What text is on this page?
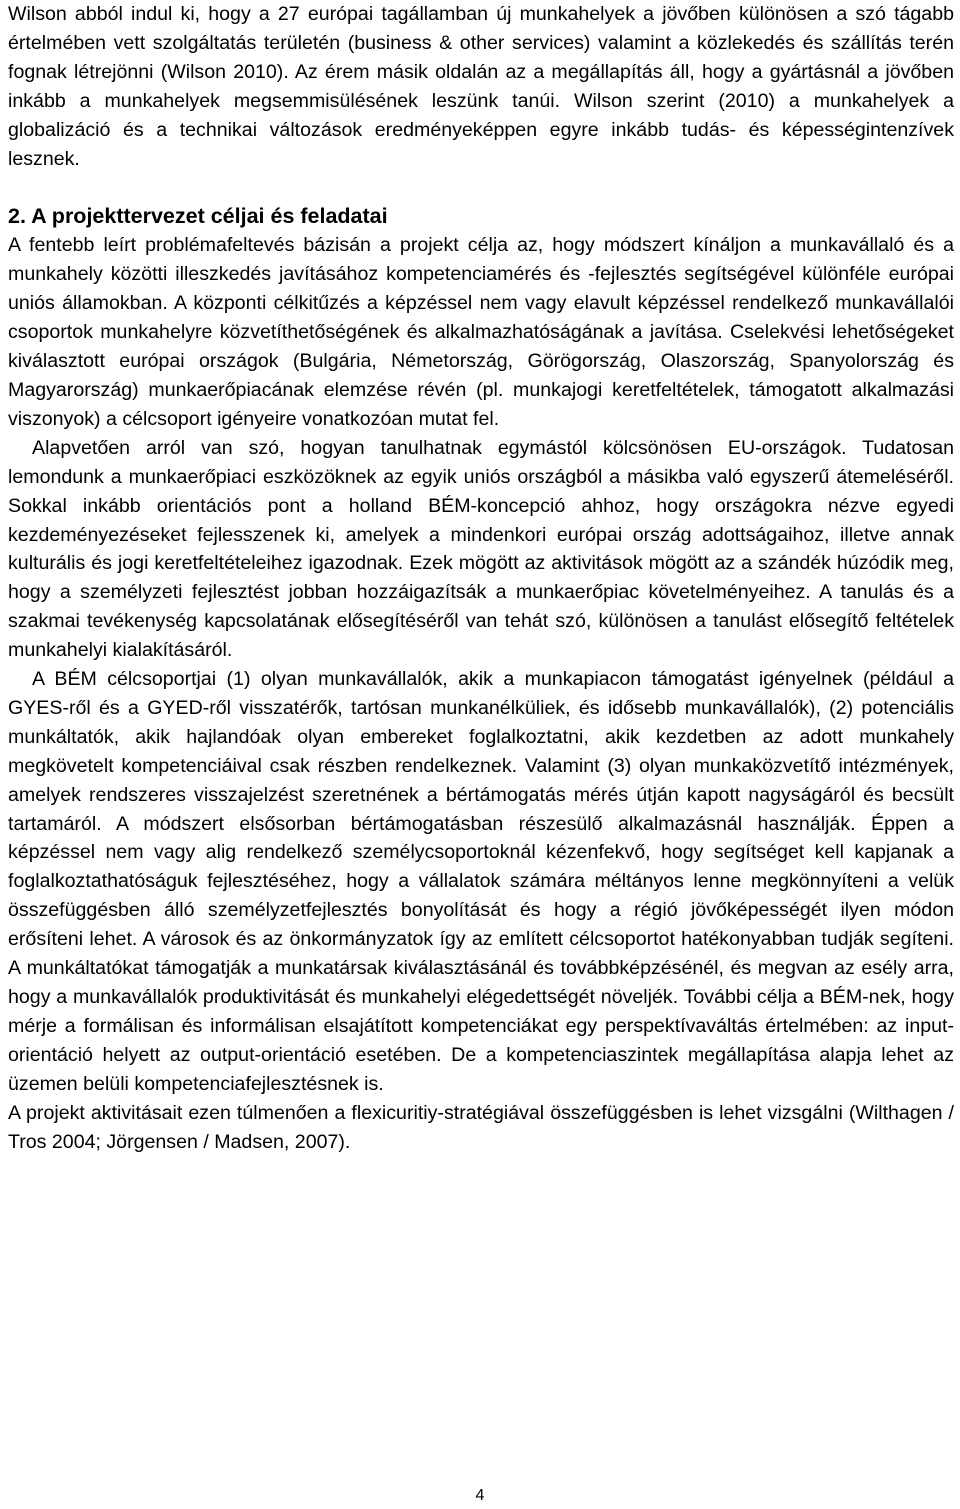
Wilson abból indul ki, hogy a 27 európai tagállamban új munkahelyek a jövőben különösen a szó tágabb értelmében vett szolgáltatás területén (business & other services) valamint a közlekedés és szállítás terén fognak létrejönni (Wilson 2010). Az érem másik oldalán az a megállapítás áll, hogy a gyártásnál a jövőben inkább a munkahelyek megsemmisülésének leszünk tanúi. Wilson szerint (2010) a munkahelyek a globalizáció és a technikai változások eredményeképpen egyre inkább tudás- és képességintenzívek lesznek.

2. A projekttervezet céljai és feladatai

A fentebb leírt problémafeltevés bázisán a projekt célja az, hogy módszert kínáljon a munkavállaló és a munkahely közötti illeszkedés javításához kompetenciamérés és -fejlesztés segítségével különféle európai uniós államokban. A központi célkitűzés a képzéssel nem vagy elavult képzéssel rendelkező munkavállalói csoportok munkahelyre közvetíthetőségének és alkalmazhatóságának a javítása. Cselekvési lehetőségeket kiválasztott európai országok (Bulgária, Németország, Görögország, Olaszország, Spanyolország és Magyarország) munkaerőpiacának elemzése révén (pl. munkajogi keretfeltételek, támogatott alkalmazási viszonyok) a célcsoport igényeire vonatkozóan mutat fel.

Alapvetően arról van szó, hogyan tanulhatnak egymástól kölcsönösen EU-országok. Tudatosan lemondunk a munkaerőpiaci eszközöknek az egyik uniós országból a másikba való egyszerű átemeléséről. Sokkal inkább orientációs pont a holland BÉM-koncepció ahhoz, hogy országokra nézve egyedi kezdeményezéseket fejlesszenek ki, amelyek a mindenkori európai ország adottságaihoz, illetve annak kulturális és jogi keretfeltételeihez igazodnak. Ezek mögött az aktivitások mögött az a szándék húzódik meg, hogy a személyzeti fejlesztést jobban hozzáigazítsák a munkaerőpiac követelményeihez. A tanulás és a szakmai tevékenység kapcsolatának elősegítéséről van tehát szó, különösen a tanulást elősegítő feltételek munkahelyi kialakításáról.

A BÉM célcsoportjai (1) olyan munkavállalók, akik a munkapiacon támogatást igényelnek (például a GYES-ről és a GYED-ről visszatérők, tartósan munkanélküliek, és idősebb munkavállalók), (2) potenciális munkáltatók, akik hajlandóak olyan embereket foglalkoztatni, akik kezdetben az adott munkahely megkövetelt kompetenciáival csak részben rendelkeznek. Valamint (3) olyan munkaközvetítő intézmények, amelyek rendszeres visszajelzést szeretnének a bértámogatás mérés útján kapott nagyságáról és becsült tartamáról. A módszert elsősorban bértámogatásban részesülő alkalmazásnál használják. Éppen a képzéssel nem vagy alig rendelkező személycsoportoknál kézenfekvő, hogy segítséget kell kapjanak a foglalkoztathatóságuk fejlesztéséhez, hogy a vállalatok számára méltányos lenne megkönnyíteni a velük összefüggésben álló személyzetfejlesztés bonyolítását és hogy a régió jövőképességét ilyen módon erősíteni lehet. A városok és az önkormányzatok így az említett célcsoportot hatékonyabban tudják segíteni. A munkáltatókat támogatják a munkatársak kiválasztásánál és továbbképzésénél, és megvan az esély arra, hogy a munkavállalók produktivitását és munkahelyi elégedettségét növeljék. További célja a BÉM-nek, hogy mérje a formálisan és informálisan elsajátított kompetenciákat egy perspektívaváltás értelmében: az input-orientáció helyett az output-orientáció esetében. De a kompetenciaszintek megállapítása alapja lehet az üzemen belüli kompetenciafejlesztésnek is.

A projekt aktivitásait ezen túlmenően a flexicuritiy-stratégiával összefüggésben is lehet vizsgálni (Wilthagen / Tros 2004; Jörgensen / Madsen, 2007).

4
